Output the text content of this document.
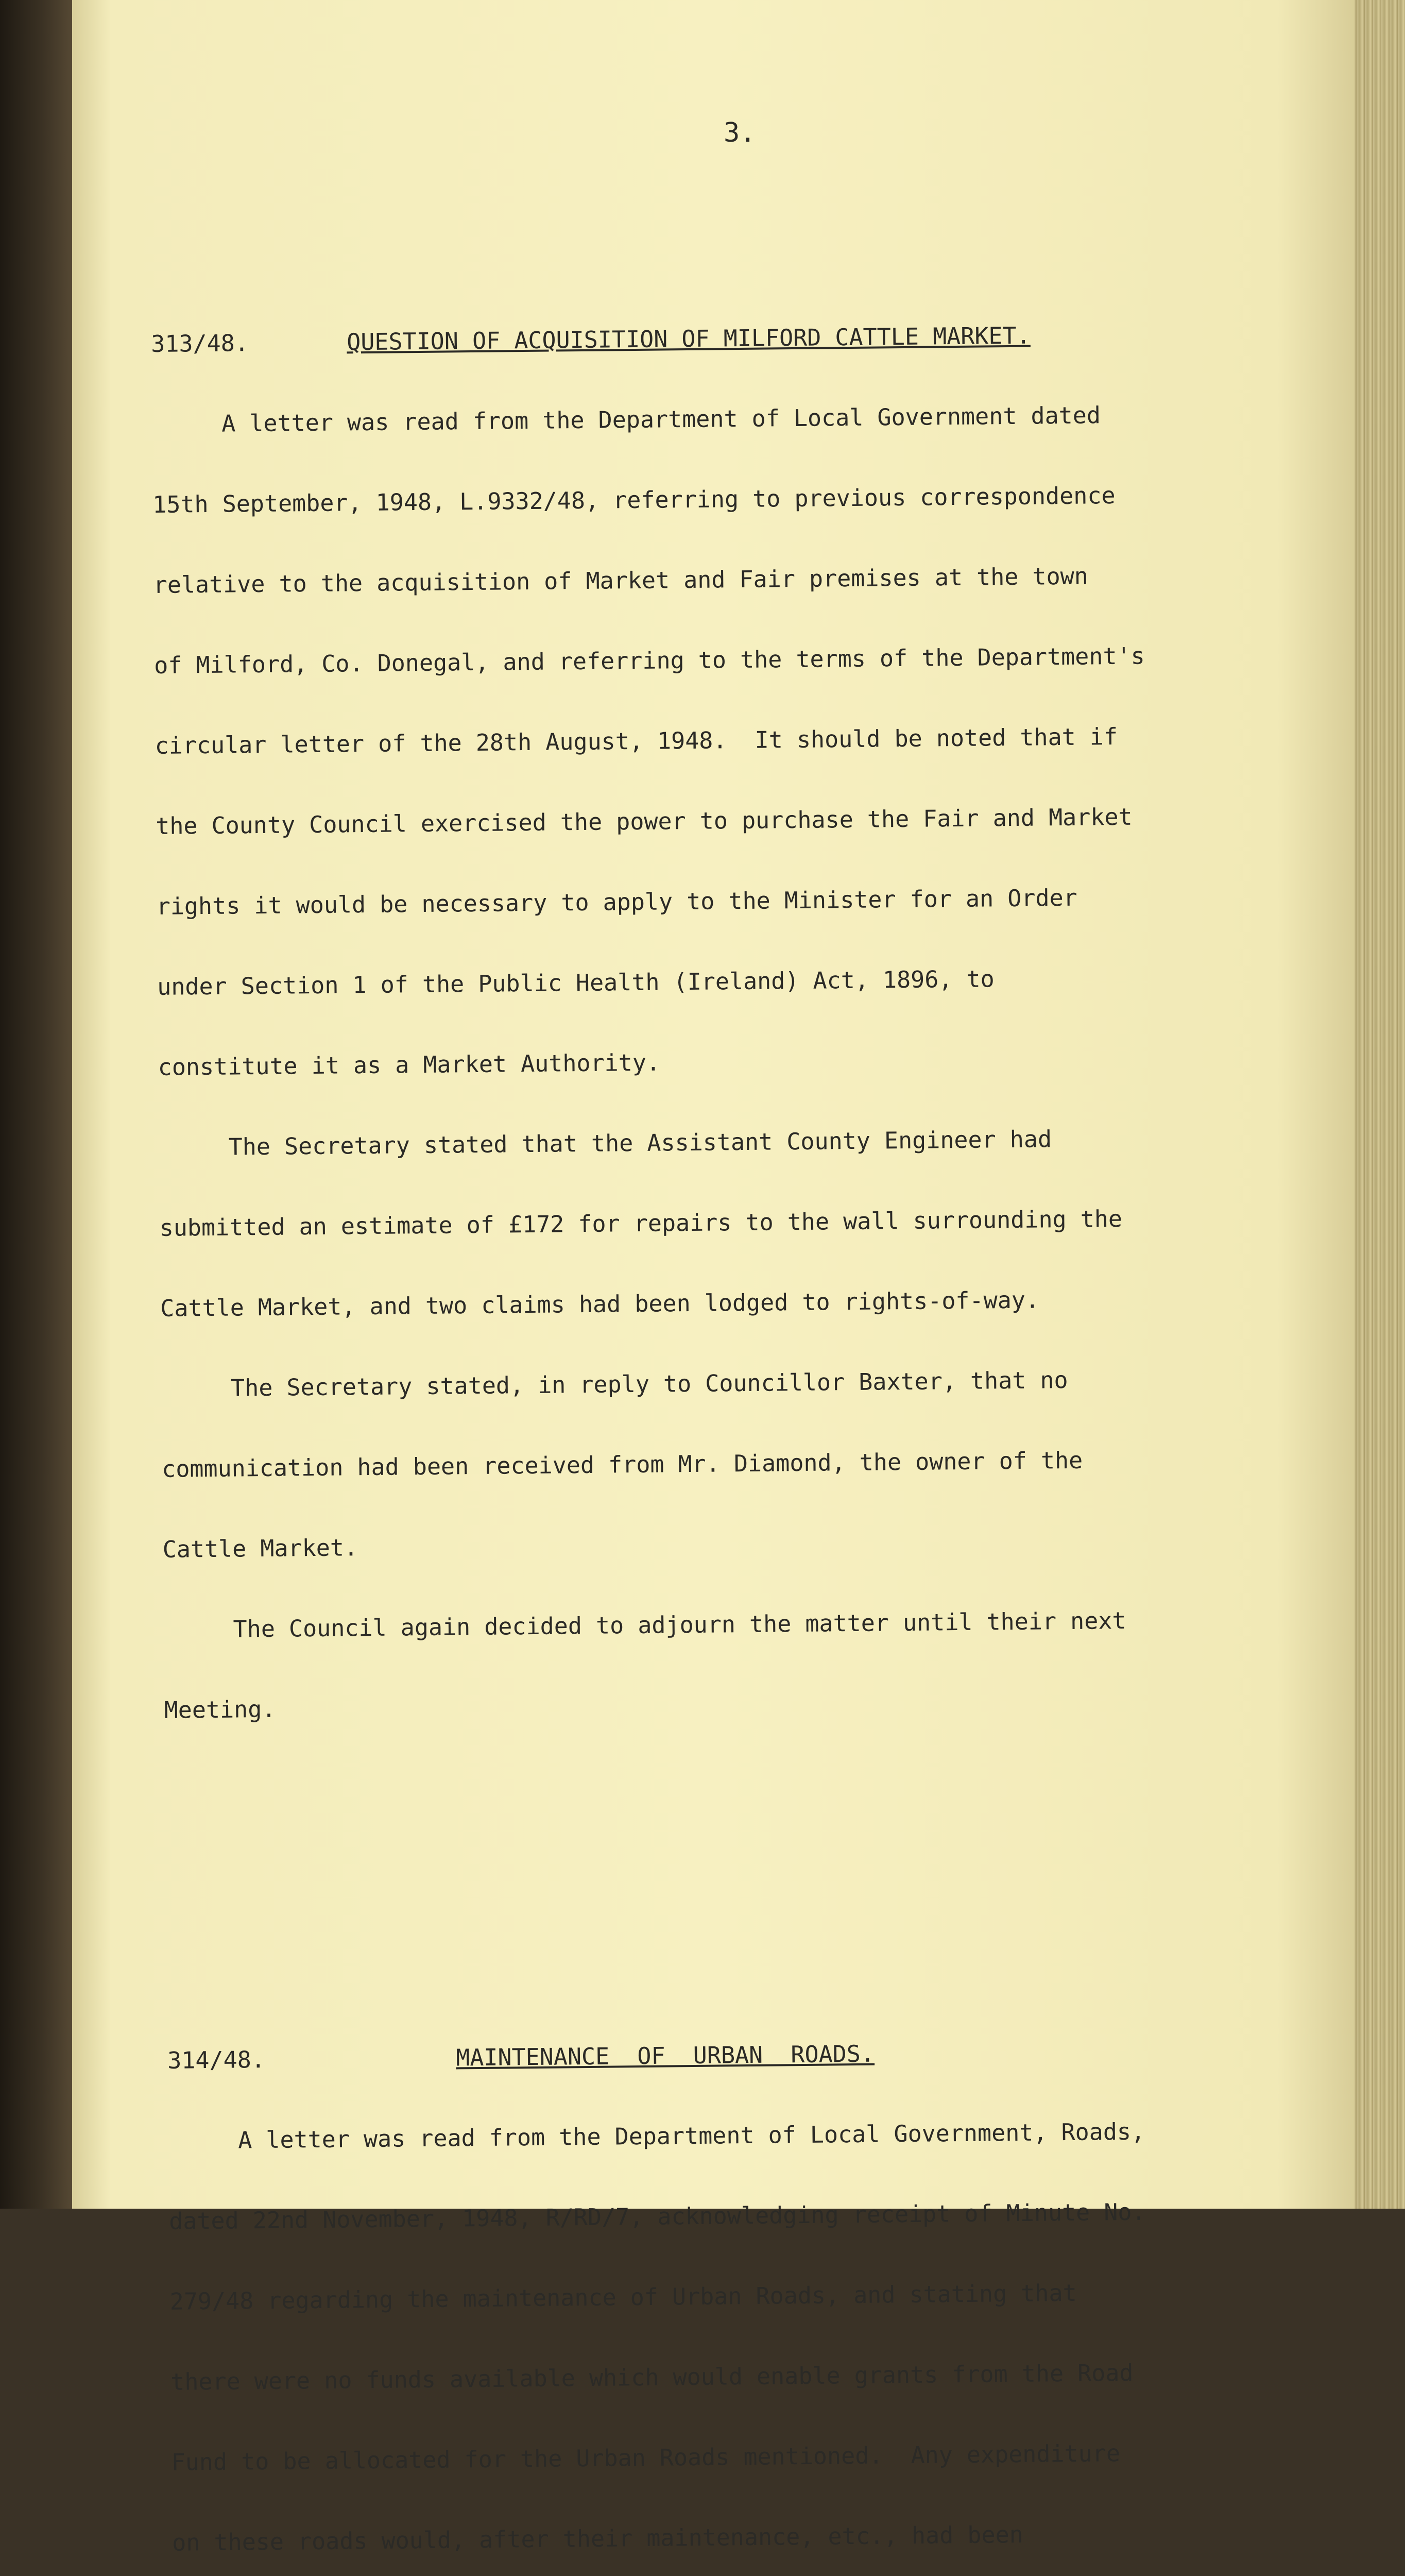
3.

313/48.	QUESTION OF ACQUISITION OF MILFORD CATTLE MARKET.

A letter was read from the Department of Local Government dated

15th September, 1948, L.9332/48, referring to previous correspondence

relative to the acquisition of Market and Fair premises at the town

of Milford, Co. Donegal, and referring to the terms of the Department's

circular letter of the 28th August, 1948.  It should be noted that if

the County Council exercised the power to purchase the Fair and Market

rights it would be necessary to apply to the Minister for an Order

under Section 1 of the Public Health (Ireland) Act, 1896, to

constitute it as a Market Authority.

The Secretary stated that the Assistant County Engineer had

submitted an estimate of £172 for repairs to the wall surrounding the

Cattle Market, and two claims had been lodged to rights-of-way.

The Secretary stated, in reply to Councillor Baxter, that no

communication had been received from Mr. Diamond, the owner of the

Cattle Market.

The Council again decided to adjourn the matter until their next

Meeting.

314/48.	MAINTENANCE  OF  URBAN  ROADS.

A letter was read from the Department of Local Government, Roads,

dated 22nd November, 1948, R/RD/7, acknowledging receipt of Minute No.

279/48 regarding the maintenance of Urban Roads, and stating that

there were no funds available which would enable grants from the Road

Fund to be allocated for the Urban Roads mentioned.  Any expenditure

on these roads would, after their maintenance, etc., had been
